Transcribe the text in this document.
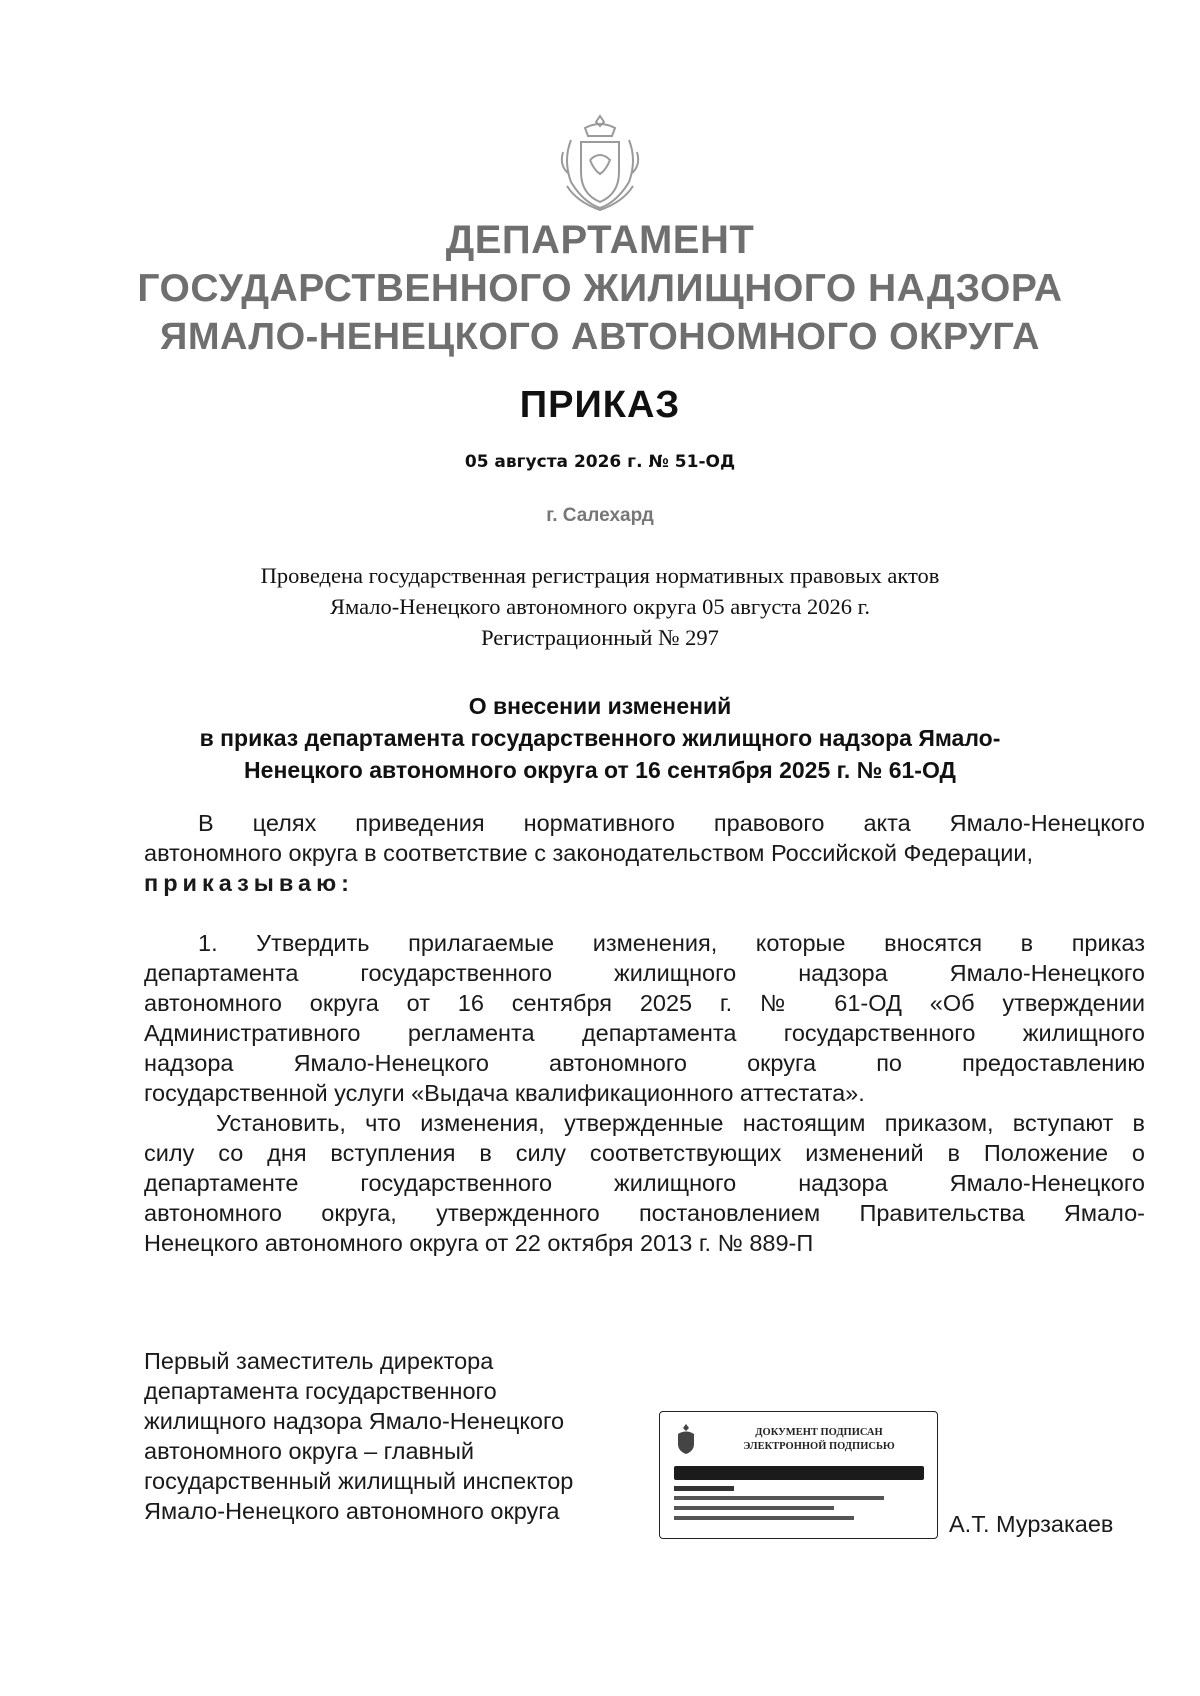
ДЕПАРТАМЕНТ
ГОСУДАРСТВЕННОГО ЖИЛИЩНОГО НАДЗОРА
ЯМАЛО-НЕНЕЦКОГО АВТОНОМНОГО ОКРУГА
ПРИКАЗ
05 августа 2026 г. № 51-ОД
г. Салехард
Проведена государственная регистрация нормативных правовых актов
Ямало-Ненецкого автономного округа 05 августа 2026 г.
Регистрационный № 297
О внесении изменений
в приказ департамента государственного жилищного надзора Ямало-
Ненецкого автономного округа от 16 сентября 2025 г. № 61-ОД
В целях приведения нормативного правового акта Ямало-Ненецкого
автономного округа в соответствие с законодательством Российской Федерации,
приказываю:
1. Утвердить прилагаемые изменения, которые вносятся в приказ
департамента государственного жилищного надзора Ямало-Ненецкого
автономного округа от 16 сентября 2025 г. № 61-ОД «Об утверждении
Административного регламента департамента государственного жилищного
надзора Ямало-Ненецкого автономного округа по предоставлению
государственной услуги «Выдача квалификационного аттестата».
Установить, что изменения, утвержденные настоящим приказом, вступают в
силу со дня вступления в силу соответствующих изменений в Положение о
департаменте государственного жилищного надзора Ямало-Ненецкого
автономного округа, утвержденного постановлением Правительства Ямало-
Ненецкого автономного округа от 22 октября 2013 г. № 889-П
Первый заместитель директора
департамента государственного
жилищного надзора Ямало-Ненецкого
автономного округа – главный
государственный жилищный инспектор
Ямало-Ненецкого автономного округа
ДОКУМЕНТ ПОДПИСАН
ЭЛЕКТРОННОЙ ПОДПИСЬЮ
А.Т. Мурзакаев
